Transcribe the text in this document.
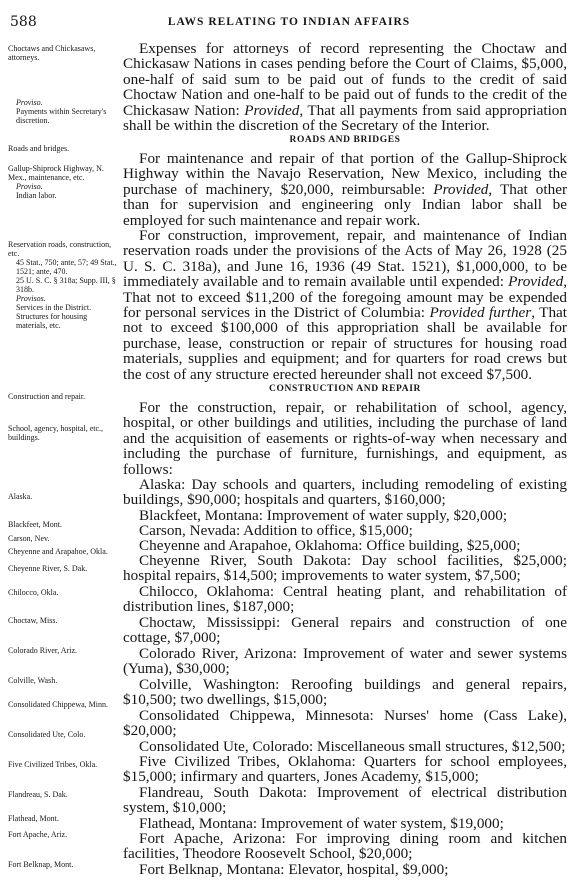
588	LAWS RELATING TO INDIAN AFFAIRS
Choctaws and Chickasaws, attorneys.
Proviso.
Payments within Secretary's discretion.
Roads and bridges.
Gallup-Shiprock Highway, N. Mex., maintenance, etc.
Proviso.
Indian labor.
Reservation roads, construction, etc.
45 Stat., 750; ante, 57; 49 Stat., 1521; ante, 470.
25 U. S. C. § 318a; Supp. III, § 318b.
Provisos.
Services in the District.
Structures for housing materials, etc.
Construction and repair.
School, agency, hospital, etc., buildings.
Alaska.
Blackfeet, Mont.
Carson, Nev.
Cheyenne and Arapahoe, Okla.
Cheyenne River, S. Dak.
Chilocco, Okla.
Choctaw, Miss.
Colorado River, Ariz.
Colville, Wash.
Consolidated Chippewa, Minn.
Consolidated Ute, Colo.
Five Civilized Tribes, Okla.
Flandreau, S. Dak.
Flathead, Mont.
Fort Apache, Ariz.
Fort Belknap, Mont.
ROADS AND BRIDGES
CONSTRUCTION AND REPAIR
Expenses for attorneys of record representing the Choctaw and Chickasaw Nations in cases pending before the Court of Claims, $5,000, one-half of said sum to be paid out of funds to the credit of said Choctaw Nation and one-half to be paid out of funds to the credit of the Chickasaw Nation: Provided, That all payments from said appropriation shall be within the discretion of the Secretary of the Interior.
For maintenance and repair of that portion of the Gallup-Shiprock Highway within the Navajo Reservation, New Mexico, including the purchase of machinery, $20,000, reimbursable: Provided, That other than for supervision and engineering only Indian labor shall be employed for such maintenance and repair work.
For construction, improvement, repair, and maintenance of Indian reservation roads under the provisions of the Acts of May 26, 1928 (25 U. S. C. 318a), and June 16, 1936 (49 Stat. 1521), $1,000,000, to be immediately available and to remain available until expended: Provided, That not to exceed $11,200 of the foregoing amount may be expended for personal services in the District of Columbia: Provided further, That not to exceed $100,000 of this appropriation shall be available for purchase, lease, construction or repair of structures for housing road materials, supplies and equipment; and for quarters for road crews but the cost of any structure erected hereunder shall not exceed $7,500.
For the construction, repair, or rehabilitation of school, agency, hospital, or other buildings and utilities, including the purchase of land and the acquisition of easements or rights-of-way when necessary and including the purchase of furniture, furnishings, and equipment, as follows:
Alaska: Day schools and quarters, including remodeling of existing buildings, $90,000; hospitals and quarters, $160,000;
Blackfeet, Montana: Improvement of water supply, $20,000;
Carson, Nevada: Addition to office, $15,000;
Cheyenne and Arapahoe, Oklahoma: Office building, $25,000;
Cheyenne River, South Dakota: Day school facilities, $25,000; hospital repairs, $14,500; improvements to water system, $7,500;
Chilocco, Oklahoma: Central heating plant, and rehabilitation of distribution lines, $187,000;
Choctaw, Mississippi: General repairs and construction of one cottage, $7,000;
Colorado River, Arizona: Improvement of water and sewer systems (Yuma), $30,000;
Colville, Washington: Reroofing buildings and general repairs, $10,500; two dwellings, $15,000;
Consolidated Chippewa, Minnesota: Nurses' home (Cass Lake), $20,000;
Consolidated Ute, Colorado: Miscellaneous small structures, $12,500;
Five Civilized Tribes, Oklahoma: Quarters for school employees, $15,000; infirmary and quarters, Jones Academy, $15,000;
Flandreau, South Dakota: Improvement of electrical distribution system, $10,000;
Flathead, Montana: Improvement of water system, $19,000;
Fort Apache, Arizona: For improving dining room and kitchen facilities, Theodore Roosevelt School, $20,000;
Fort Belknap, Montana: Elevator, hospital, $9,000;
